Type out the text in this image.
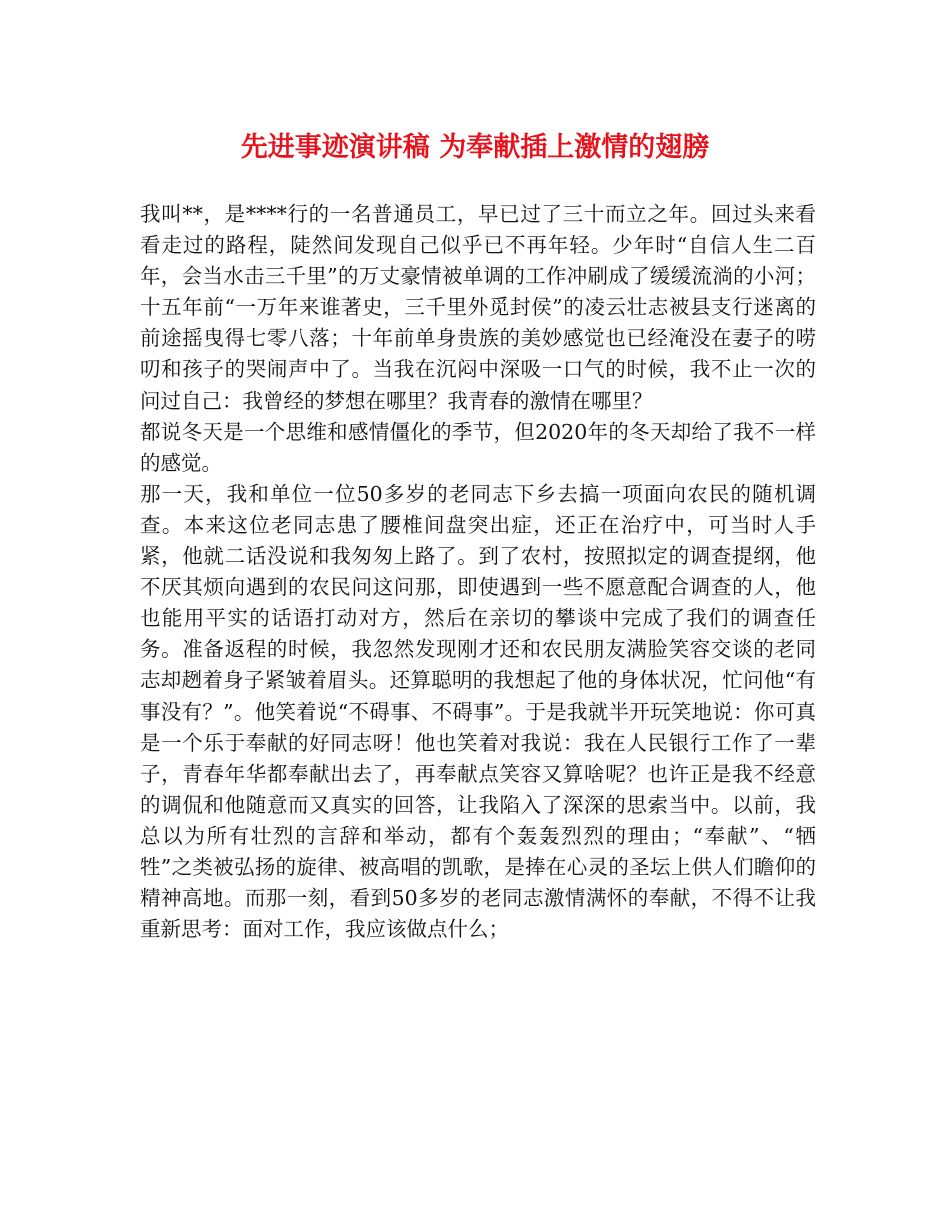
先进事迹演讲稿 为奉献插上激情的翅膀

我叫**，是****行的一名普通员工，早已过了三十而立之年。回过头来看看走过的路程，陡然间发现自己似乎已不再年轻。少年时“自信人生二百年，会当水击三千里”的万丈豪情被单调的工作冲刷成了缓缓流淌的小河；十五年前“一万年来谁著史，三千里外觅封侯”的凌云壮志被县支行迷离的前途摇曳得七零八落；十年前单身贵族的美妙感觉也已经淹没在妻子的唠叨和孩子的哭闹声中了。当我在沉闷中深吸一口气的时候，我不止一次的问过自己：我曾经的梦想在哪里？我青春的激情在哪里？

都说冬天是一个思维和感情僵化的季节，但2020年的冬天却给了我不一样的感觉。

那一天，我和单位一位50多岁的老同志下乡去搞一项面向农民的随机调查。本来这位老同志患了腰椎间盘突出症，还正在治疗中，可当时人手紧，他就二话没说和我匆匆上路了。到了农村，按照拟定的调查提纲，他不厌其烦向遇到的农民问这问那，即使遇到一些不愿意配合调查的人，他也能用平实的话语打动对方，然后在亲切的攀谈中完成了我们的调查任务。准备返程的时候，我忽然发现刚才还和农民朋友满脸笑容交谈的老同志却趔着身子紧皱着眉头。还算聪明的我想起了他的身体状况，忙问他“有事没有？”。他笑着说“不碍事、不碍事”。于是我就半开玩笑地说：你可真是一个乐于奉献的好同志呀！他也笑着对我说：我在人民银行工作了一辈子，青春年华都奉献出去了，再奉献点笑容又算啥呢？也许正是我不经意的调侃和他随意而又真实的回答，让我陷入了深深的思索当中。以前，我总以为所有壮烈的言辞和举动，都有个轰轰烈烈的理由；“奉献”、“牺牲”之类被弘扬的旋律、被高唱的凯歌，是捧在心灵的圣坛上供人们瞻仰的精神高地。而那一刻，看到50多岁的老同志激情满怀的奉献，不得不让我重新思考：面对工作，我应该做点什么；
